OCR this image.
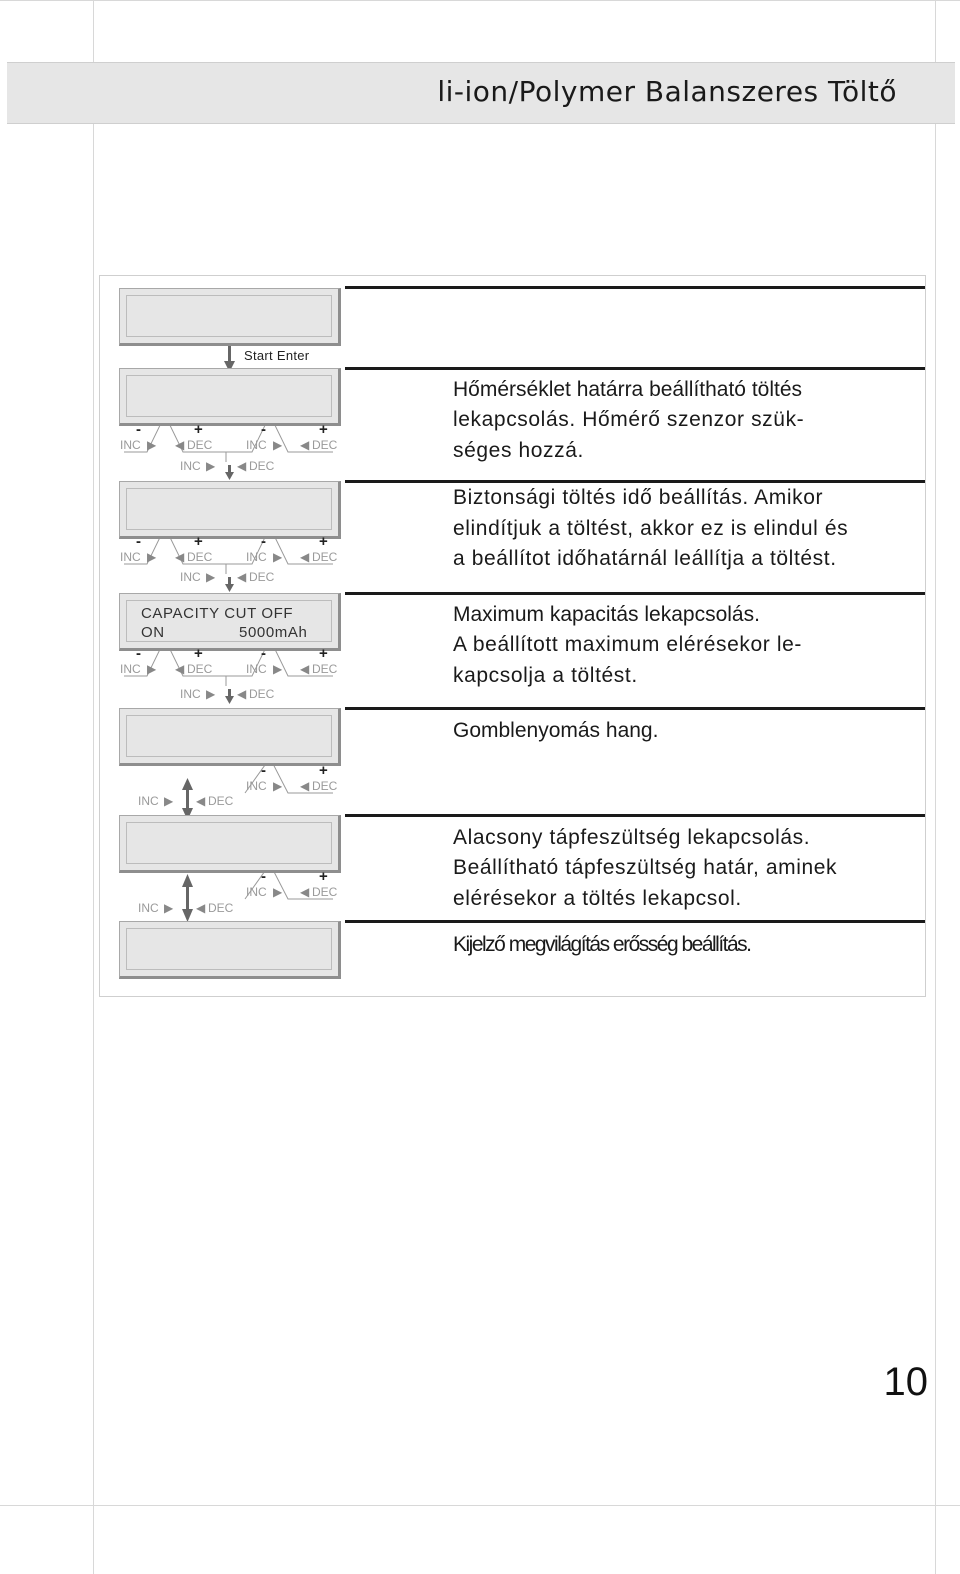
li-ion/Polymer Balanszeres Töltő
CAPACITY CUT OFF
ON	5000mAh
Start Enter
-	+	-	+
INC ▶ ◀ DEC	INC ▶ ◀ DEC
INC ▶ ◀ DEC
-	+	-	+
INC ▶ ◀ DEC	INC ▶ ◀ DEC
INC ▶ ◀ DEC
-	+	-	+
INC ▶ ◀ DEC	INC ▶ ◀ DEC
INC ▶ ◀ DEC
-	+
INC ▶ ◀ DEC
INC ▶ ◀ DEC
-	+
INC ▶ ◀ DEC
INC ▶ ◀ DEC
Hőmérséklet határra beállítható töltés
lekapcsolás. Hőmérő szenzor szük-
séges hozzá.
Biztonsági töltés idő beállítás. Amikor
elindítjuk a töltést, akkor ez is elindul és
a beállítot időhatárnál leállítja a töltést.
Maximum kapacitás lekapcsolás.
A beállított maximum elérésekor le-
kapcsolja a töltést.
Gomblenyomás hang.
Alacsony tápfeszültség lekapcsolás.
Beállítható tápfeszültség határ, aminek
elérésekor a töltés lekapcsol.
Kijelző megvilágítás erősség beállítás.
10
